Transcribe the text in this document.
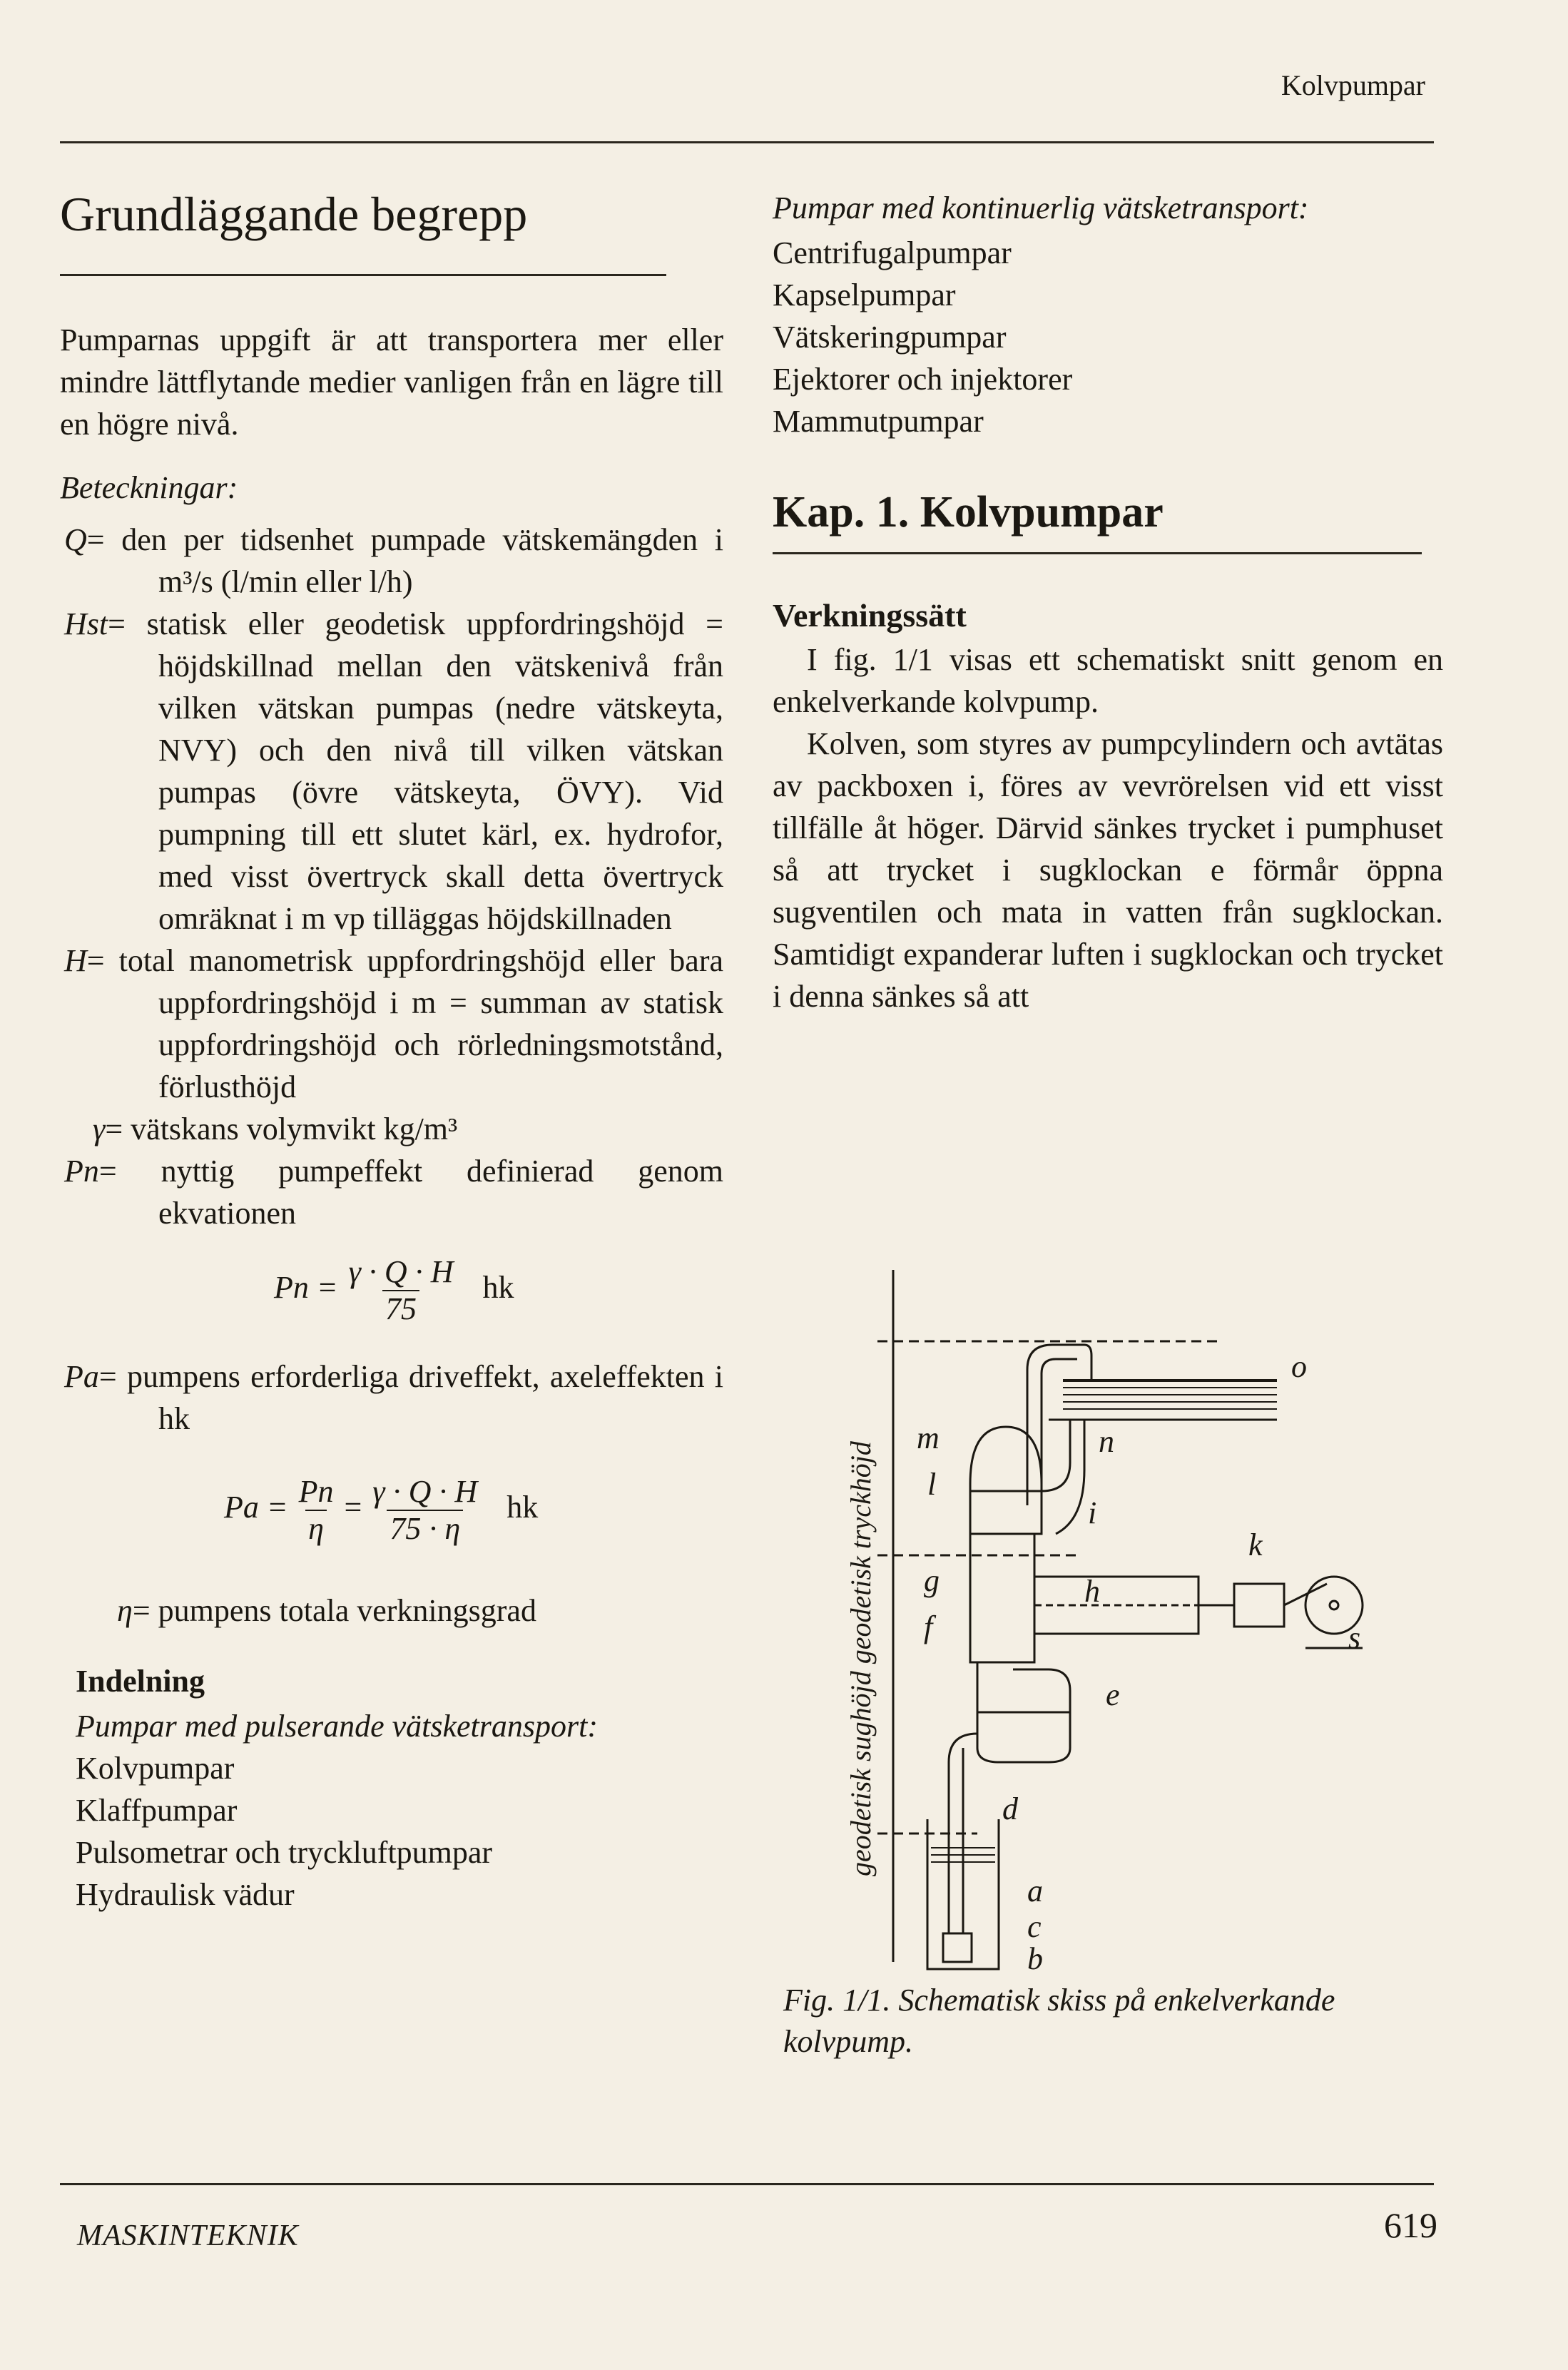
Kolvpumpar
Grundläggande begrepp

Pumparnas uppgift är att transportera mer eller mindre lättflytande medier vanligen från en lägre till en högre nivå.

Beteckningar:

Q= den per tidsenhet pumpade vätskemängden i m³/s (l/min eller l/h)

Hst= statisk eller geodetisk uppfordringshöjd = höjdskillnad mellan den vätskenivå från vilken vätskan pumpas (nedre vätskeyta, NVY) och den nivå till vilken vätskan pumpas (övre vätskeyta, ÖVY). Vid pumpning till ett slutet kärl, ex. hydrofor, med visst övertryck skall detta övertryck omräknat i m vp tilläggas höjdskillnaden

H= total manometrisk uppfordringshöjd eller bara uppfordringshöjd i m = summan av statisk uppfordringshöjd och rörledningsmotstånd, förlusthöjd

γ= vätskans volymvikt kg/m³

Pn= nyttig pumpeffekt definierad genom ekvationen

$Pn = \frac{\gamma \cdot Q \cdot H}{75}$ hk

Pa= pumpens erforderliga driveffekt, axeleffekten i hk

$Pa = \frac{Pn}{\eta} = \frac{\gamma \cdot Q \cdot H}{75 \cdot \eta}$ hk

η= pumpens totala verkningsgrad

Indelning

Pumpar med pulserande vätsketransport:

Kolvpumpar
Klaffpumpar
Pulsometrar och tryckluftpumpar
Hydraulisk vädur

Pumpar med kontinuerlig vätsketransport:

Centrifugalpumpar
Kapselpumpar
Vätskeringpumpar
Ejektorer och injektorer
Mammutpumpar

Kap. 1. Kolvpumpar

Verkningssätt

I fig. 1/1 visas ett schematiskt snitt genom en enkelverkande kolvpump.

Kolven, som styres av pumpcylindern och avtätas av packboxen i, föres av vevrörelsen vid ett visst tillfälle åt höger. Därvid sänkes trycket i pumphuset så att trycket i sugklockan e förmår öppna sugventilen och mata in vatten från sugklockan. Samtidigt expanderar luften i sugklockan och trycket i denna sänkes så att

geodetisk sughöjd geodetisk tryckhöjd
o
m	n
l
i
k
g	h
f	s
e
d
a
c
b

Fig. 1/1. Schematisk skiss på enkelverkande kolvpump.

MASKINTEKNIK	619
